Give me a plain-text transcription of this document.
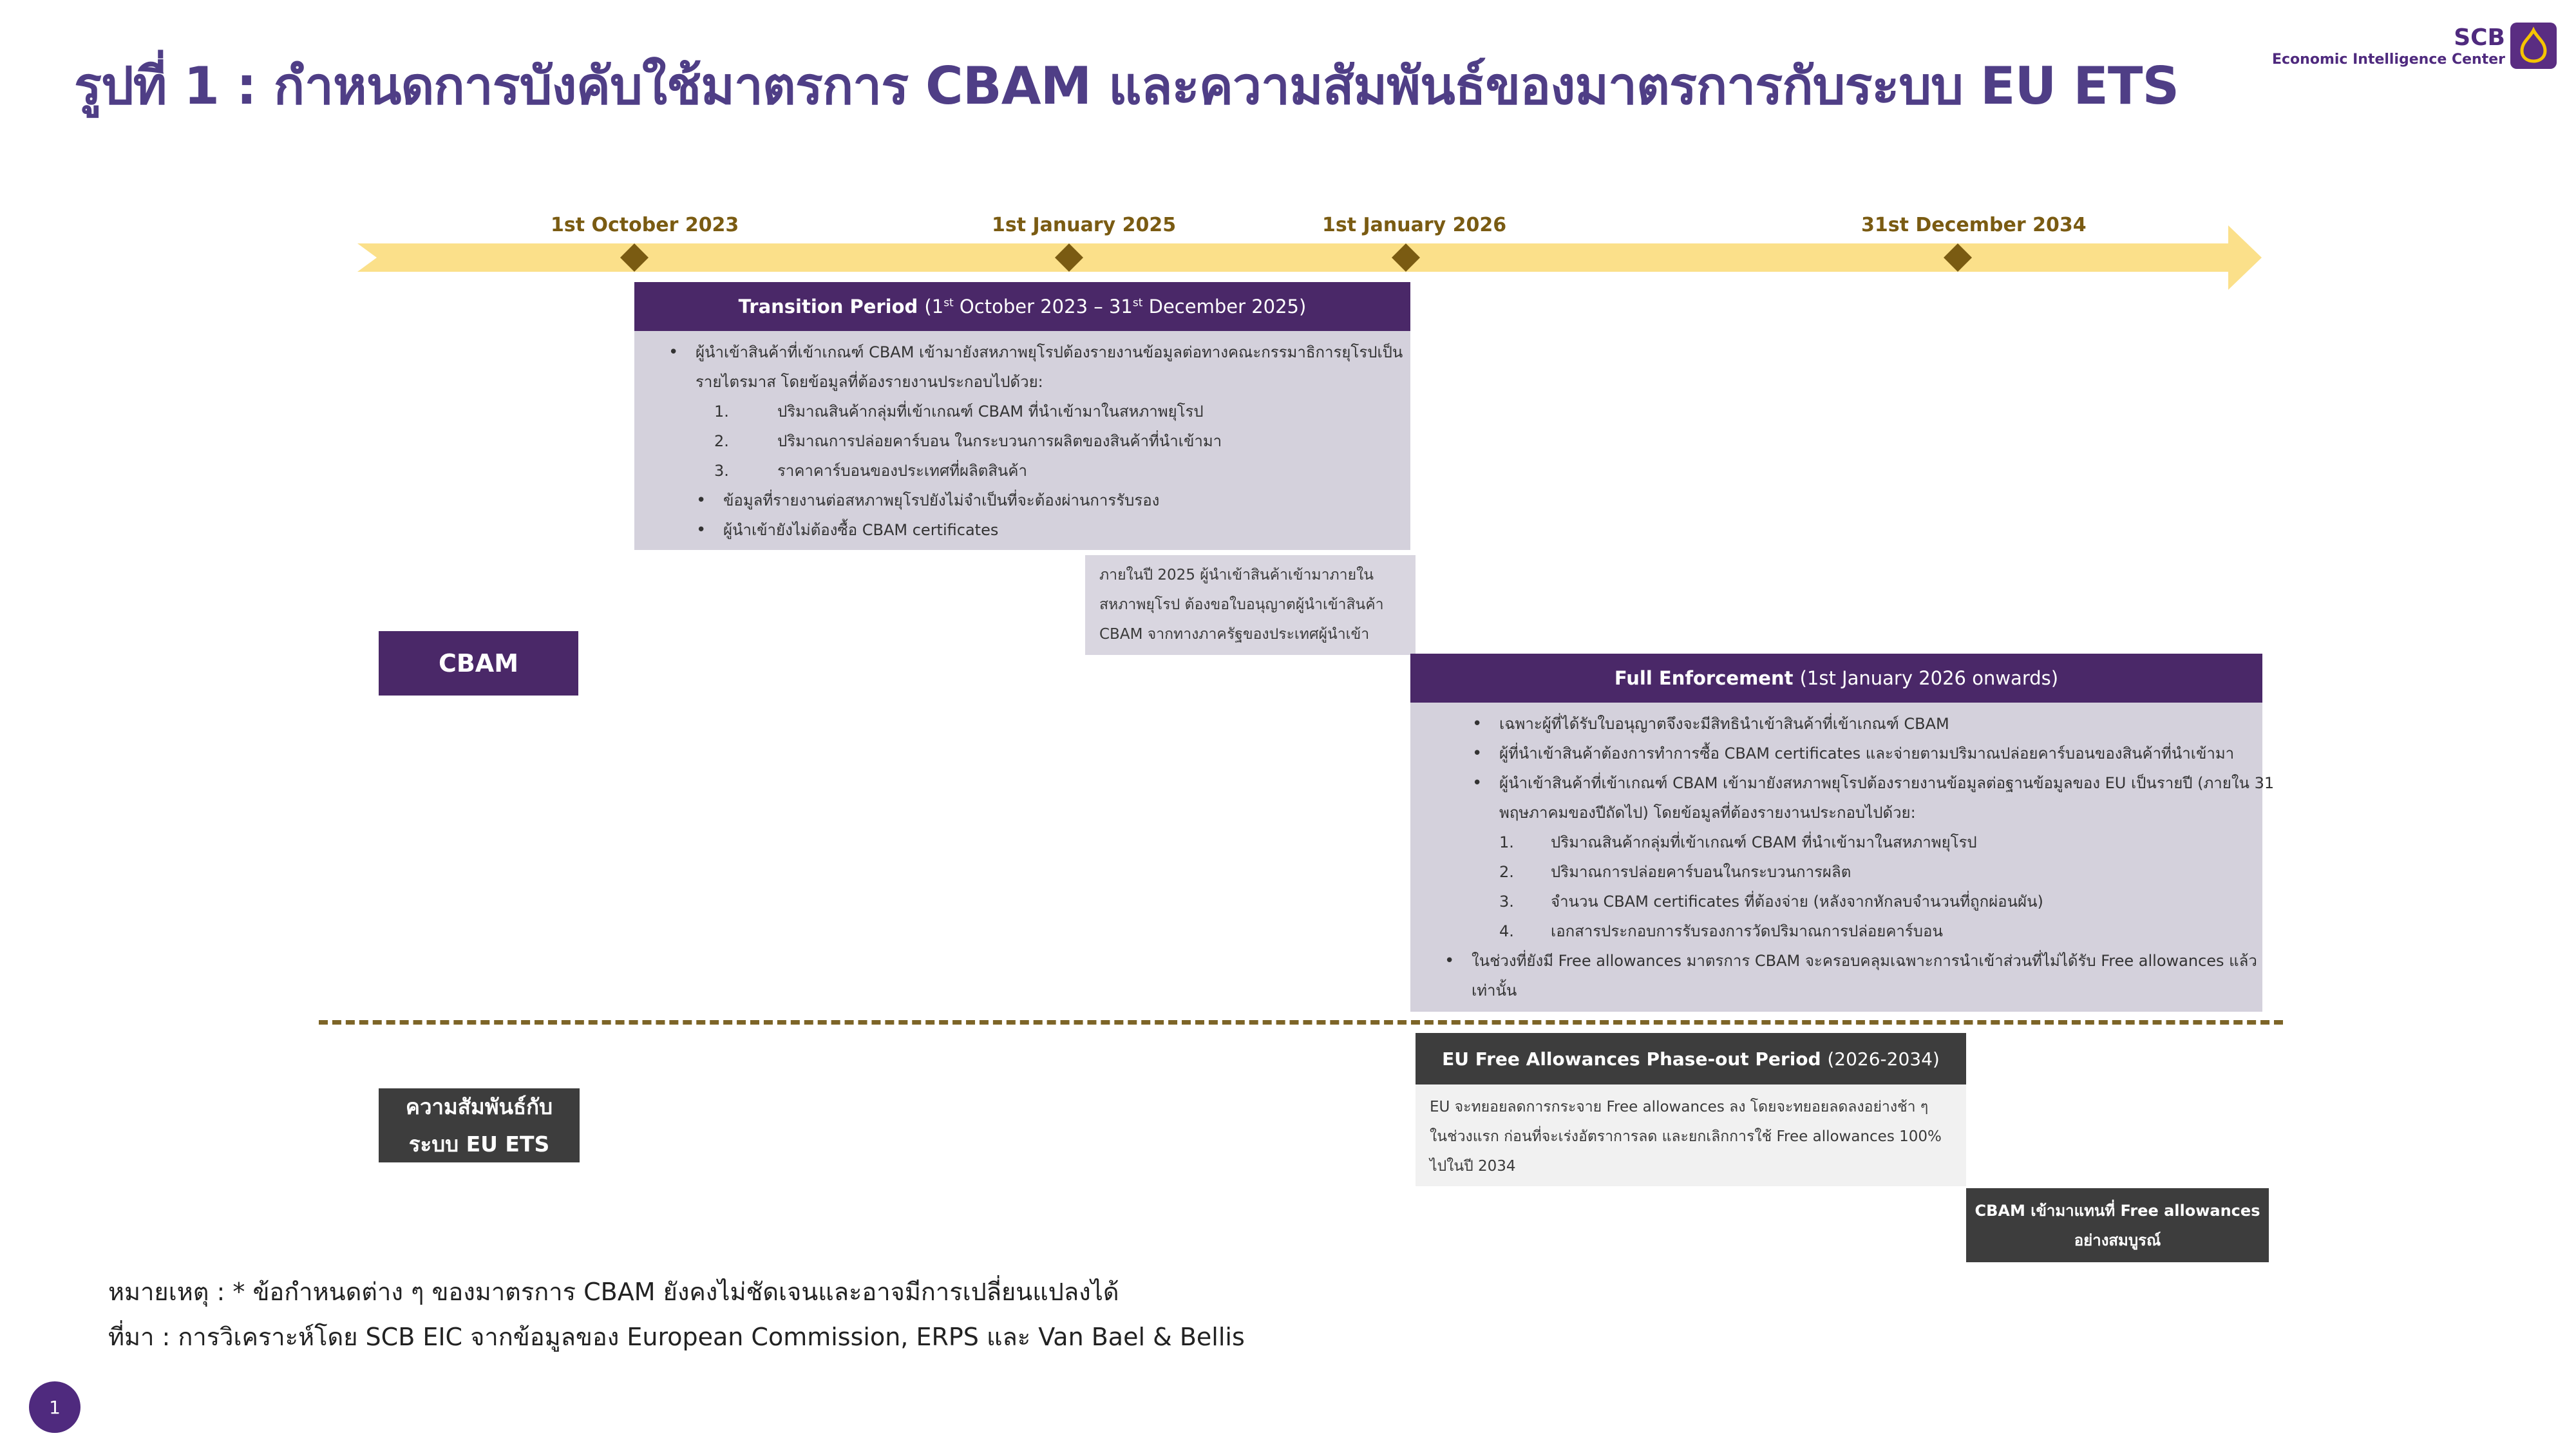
รูปที่ 1 : กำหนดการบังคับใช้มาตรการ CBAM และความสัมพันธ์ของมาตรการกับระบบ EU ETS
SCB
Economic Intelligence Center
1st October 2023	1st January 2025	1st January 2026	31st December 2034
Transition Period
(1st October 2023 – 31st December 2025)
• ผู้นำเข้าสินค้าที่เข้าเกณฑ์ CBAM เข้ามายังสหภาพยุโรปต้องรายงานข้อมูลต่อทางคณะกรรมาธิการยุโรปเป็น
รายไตรมาส โดยข้อมูลที่ต้องรายงานประกอบไปด้วย:
1.	ปริมาณสินค้ากลุ่มที่เข้าเกณฑ์ CBAM ที่นำเข้ามาในสหภาพยุโรป
2.	ปริมาณการปล่อยคาร์บอน ในกระบวนการผลิตของสินค้าที่นำเข้ามา
3.	ราคาคาร์บอนของประเทศที่ผลิตสินค้า
• ข้อมูลที่รายงานต่อสหภาพยุโรปยังไม่จำเป็นที่จะต้องผ่านการรับรอง
• ผู้นำเข้ายังไม่ต้องซื้อ CBAM certificates
ภายในปี 2025 ผู้นำเข้าสินค้าเข้ามาภายใน
สหภาพยุโรป ต้องขอใบอนุญาตผู้นำเข้าสินค้า
CBAM จากทางภาครัฐของประเทศผู้นำเข้า
CBAM
Full Enforcement
(1st January 2026 onwards)
• เฉพาะผู้ที่ได้รับใบอนุญาตจึงจะมีสิทธินำเข้าสินค้าที่เข้าเกณฑ์ CBAM
• ผู้ที่นำเข้าสินค้าต้องการทำการซื้อ CBAM certificates และจ่ายตามปริมาณปล่อยคาร์บอนของสินค้าที่นำเข้ามา
• ผู้นำเข้าสินค้าที่เข้าเกณฑ์ CBAM เข้ามายังสหภาพยุโรปต้องรายงานข้อมูลต่อฐานข้อมูลของ EU เป็นรายปี (ภายใน 31
พฤษภาคมของปีถัดไป) โดยข้อมูลที่ต้องรายงานประกอบไปด้วย:
1. ปริมาณสินค้ากลุ่มที่เข้าเกณฑ์ CBAM ที่นำเข้ามาในสหภาพยุโรป
2. ปริมาณการปล่อยคาร์บอนในกระบวนการผลิต
3. จำนวน CBAM certificates ที่ต้องจ่าย (หลังจากหักลบจำนวนที่ถูกผ่อนผัน)
4. เอกสารประกอบการรับรองการวัดปริมาณการปล่อยคาร์บอน
• ในช่วงที่ยังมี Free allowances มาตรการ CBAM จะครอบคลุมเฉพาะการนำเข้าส่วนที่ไม่ได้รับ Free allowances แล้ว
เท่านั้น
ความสัมพันธ์กับ
ระบบ EU ETS
EU Free Allowances Phase-out Period
(2026-2034)
EU จะทยอยลดการกระจาย Free allowances ลง โดยจะทยอยลดลงอย่างช้า ๆ
ในช่วงแรก ก่อนที่จะเร่งอัตราการลด และยกเลิกการใช้ Free allowances 100%
ไปในปี 2034
CBAM เข้ามาแทนที่ Free allowances
อย่างสมบูรณ์
หมายเหตุ : * ข้อกำหนดต่าง ๆ ของมาตรการ CBAM ยังคงไม่ชัดเจนและอาจมีการเปลี่ยนแปลงได้
ที่มา : การวิเคราะห์โดย SCB EIC จากข้อมูลของ European Commission, ERPS และ Van Bael & Bellis
1
